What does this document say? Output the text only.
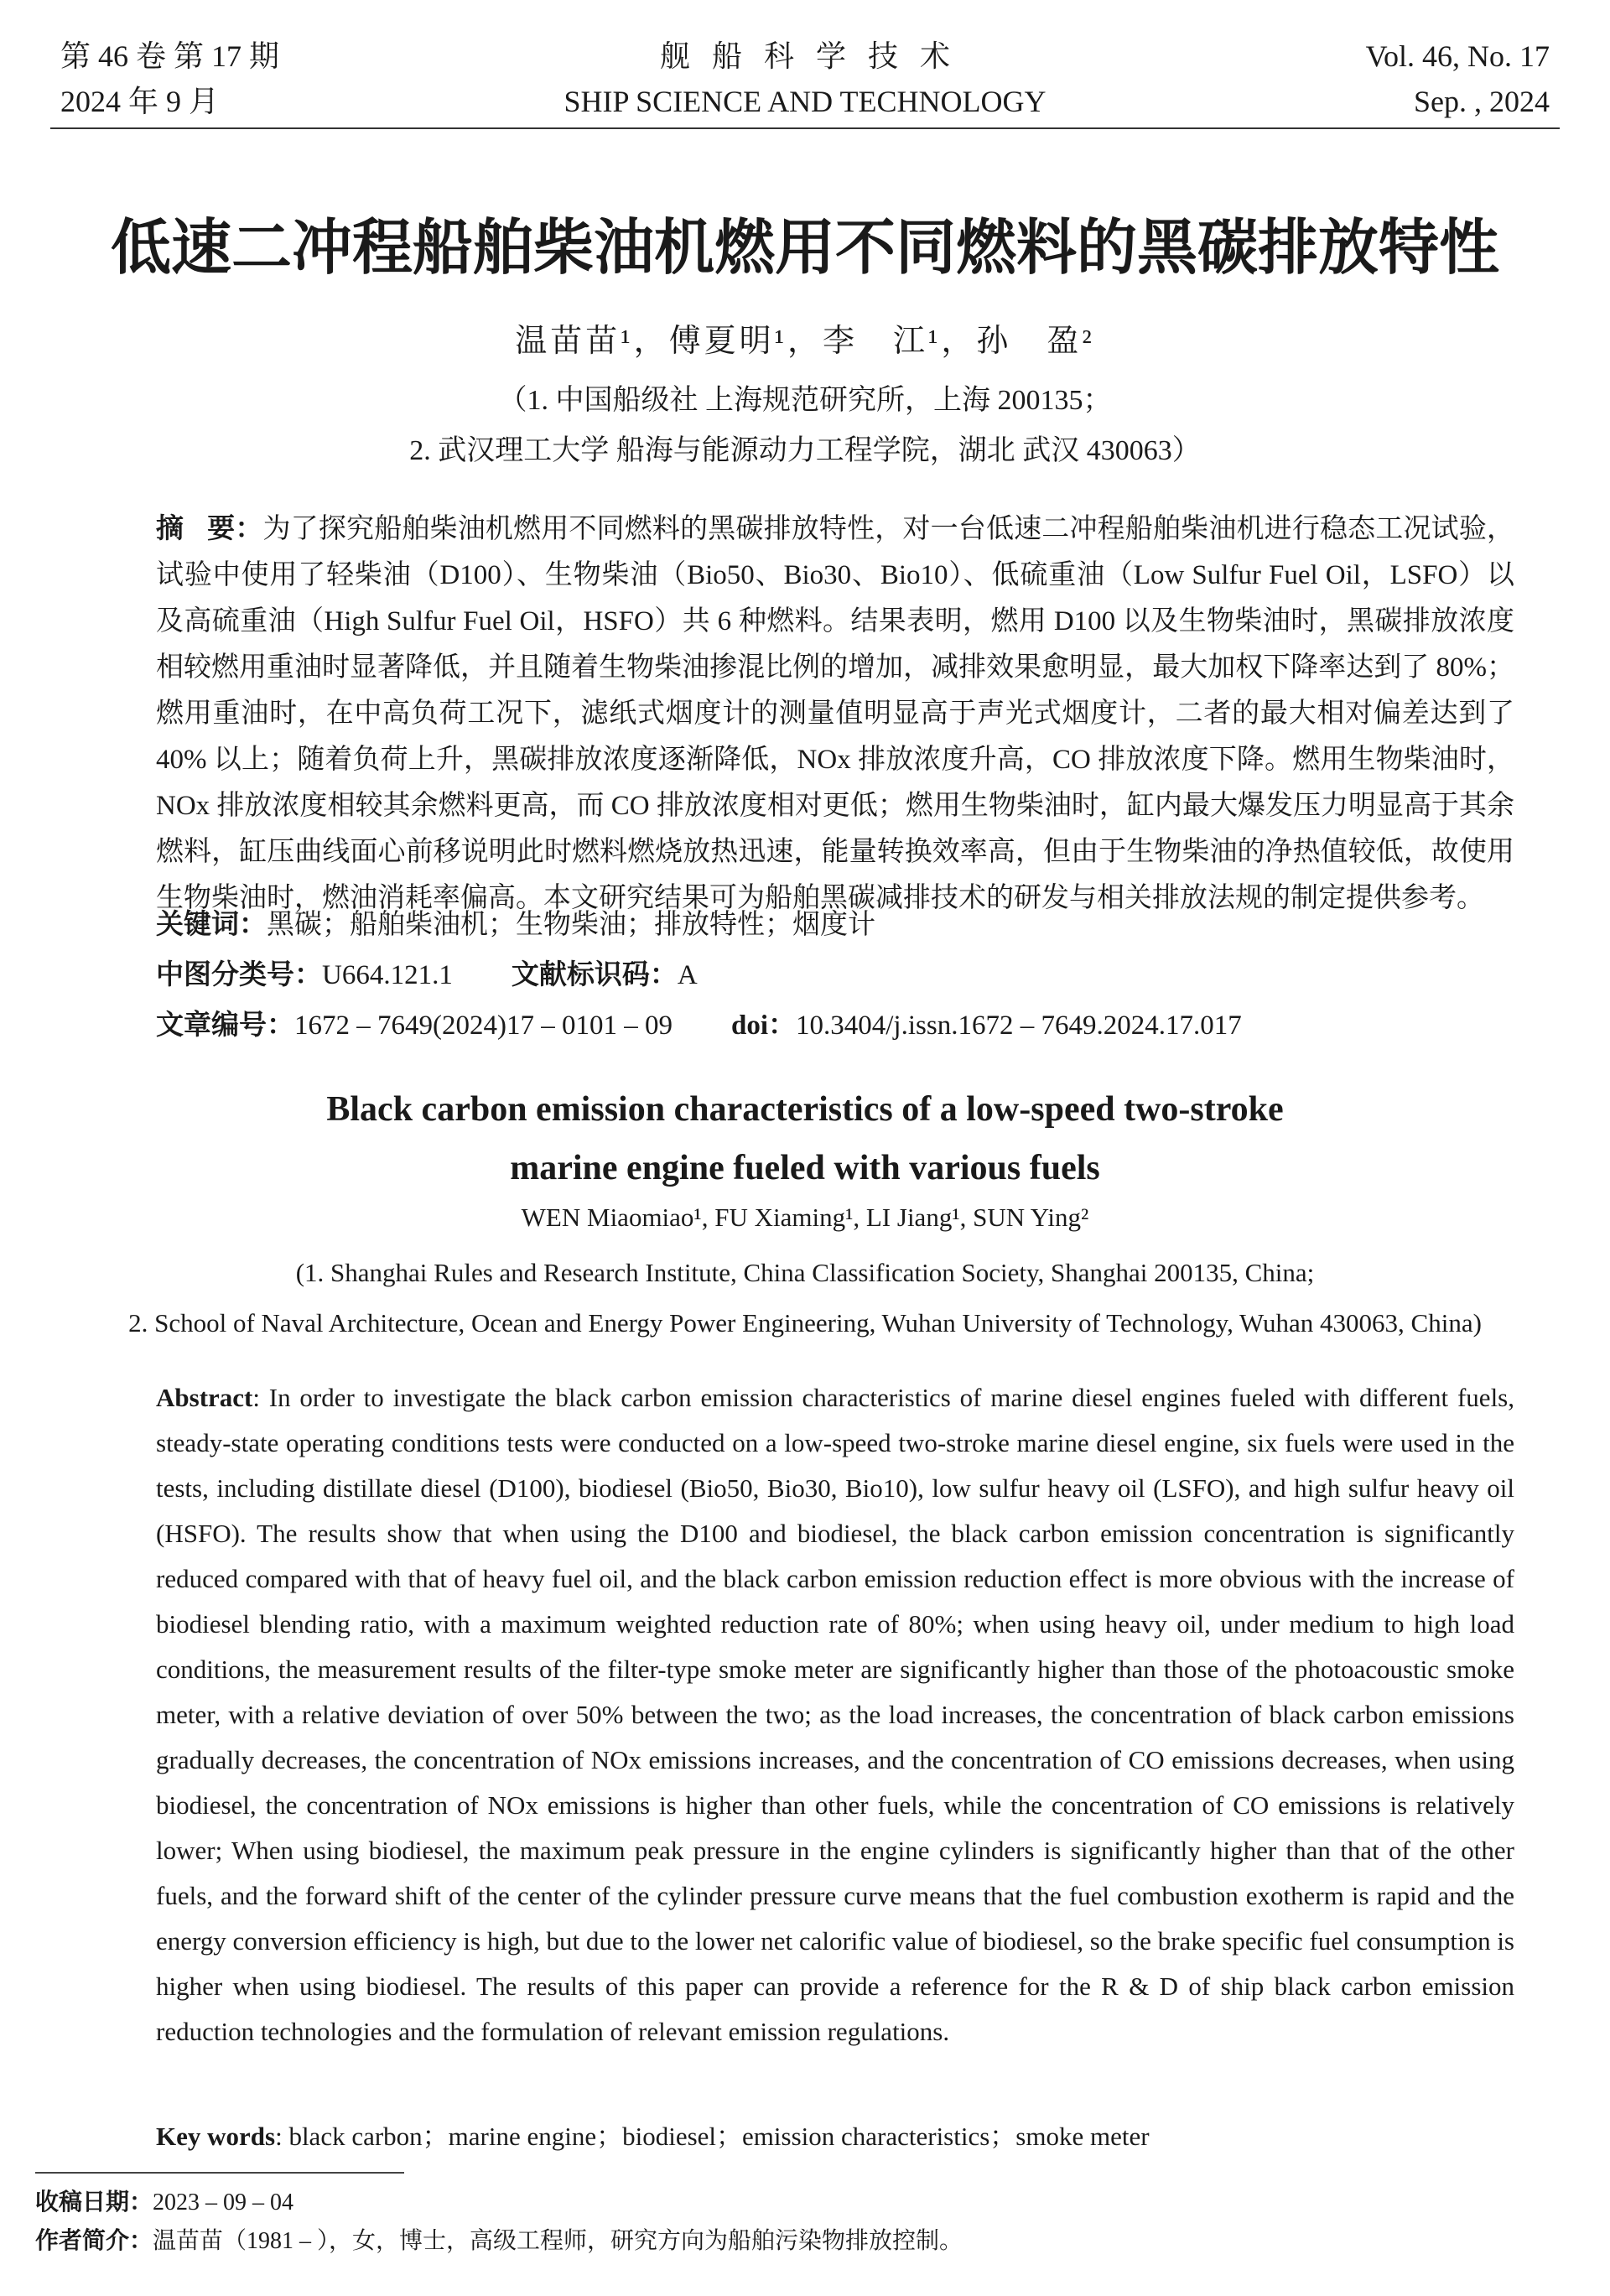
第 46 卷 第 17 期
2024 年 9 月
舰船科学技术
SHIP SCIENCE AND TECHNOLOGY
Vol. 46, No. 17
Sep. , 2024
低速二冲程船舶柴油机燃用不同燃料的黑碳排放特性
温苗苗¹，傅夏明¹，李　江¹，孙　盈²
（1. 中国船级社 上海规范研究所，上海 200135；
2. 武汉理工大学 船海与能源动力工程学院，湖北 武汉 430063）
摘要：为了探究船舶柴油机燃用不同燃料的黑碳排放特性，对一台低速二冲程船舶柴油机进行稳态工况试验，试验中使用了轻柴油（D100）、生物柴油（Bio50、Bio30、Bio10）、低硫重油（Low Sulfur Fuel Oil，LSFO）以及高硫重油（High Sulfur Fuel Oil，HSFO）共 6 种燃料。结果表明，燃用 D100 以及生物柴油时，黑碳排放浓度相较燃用重油时显著降低，并且随着生物柴油掺混比例的增加，减排效果愈明显，最大加权下降率达到了 80%；燃用重油时，在中高负荷工况下，滤纸式烟度计的测量值明显高于声光式烟度计，二者的最大相对偏差达到了 40% 以上；随着负荷上升，黑碳排放浓度逐渐降低，NOx 排放浓度升高，CO 排放浓度下降。燃用生物柴油时，NOx 排放浓度相较其余燃料更高，而 CO 排放浓度相对更低；燃用生物柴油时，缸内最大爆发压力明显高于其余燃料，缸压曲线面心前移说明此时燃料燃烧放热迅速，能量转换效率高，但由于生物柴油的净热值较低，故使用生物柴油时，燃油消耗率偏高。本文研究结果可为船舶黑碳减排技术的研发与相关排放法规的制定提供参考。
关键词：黑碳；船舶柴油机；生物柴油；排放特性；烟度计
中图分类号：U664.121.1 文献标识码：A
文章编号：1672 – 7649(2024)17 – 0101 – 09 doi：10.3404/j.issn.1672 – 7649.2024.17.017
Black carbon emission characteristics of a low-speed two-stroke
marine engine fueled with various fuels
WEN Miaomiao¹, FU Xiaming¹, LI Jiang¹, SUN Ying²
(1. Shanghai Rules and Research Institute, China Classification Society, Shanghai 200135, China;
2. School of Naval Architecture, Ocean and Energy Power Engineering, Wuhan University of Technology, Wuhan 430063, China)
Abstract: In order to investigate the black carbon emission characteristics of marine diesel engines fueled with different fuels, steady-state operating conditions tests were conducted on a low-speed two-stroke marine diesel engine, six fuels were used in the tests, including distillate diesel (D100), biodiesel (Bio50, Bio30, Bio10), low sulfur heavy oil (LSFO), and high sulfur heavy oil (HSFO). The results show that when using the D100 and biodiesel, the black carbon emission concentration is significantly reduced compared with that of heavy fuel oil, and the black carbon emission reduction effect is more obvious with the increase of biodiesel blending ratio, with a maximum weighted reduction rate of 80%; when using heavy oil, under medium to high load conditions, the measurement results of the filter-type smoke meter are significantly higher than those of the photoacoustic smoke meter, with a relative deviation of over 50% between the two; as the load increases, the concentration of black carbon emissions gradually decreases, the concentration of NOx emissions increases, and the concentration of CO emissions decreases, when using biodiesel, the concentration of NOx emissions is higher than other fuels, while the concentration of CO emissions is relatively lower; When using biodiesel, the maximum peak pressure in the engine cylinders is significantly higher than that of the other fuels, and the forward shift of the center of the cylinder pressure curve means that the fuel combustion exotherm is rapid and the energy conversion efficiency is high, but due to the lower net calorific value of biodiesel, so the brake specific fuel consumption is higher when using biodiesel. The results of this paper can provide a reference for the R & D of ship black carbon emission reduction technologies and the formulation of relevant emission regulations.
Key words: black carbon；marine engine；biodiesel；emission characteristics；smoke meter
收稿日期：2023 – 09 – 04
作者简介：温苗苗（1981 – ），女，博士，高级工程师，研究方向为船舶污染物排放控制。
